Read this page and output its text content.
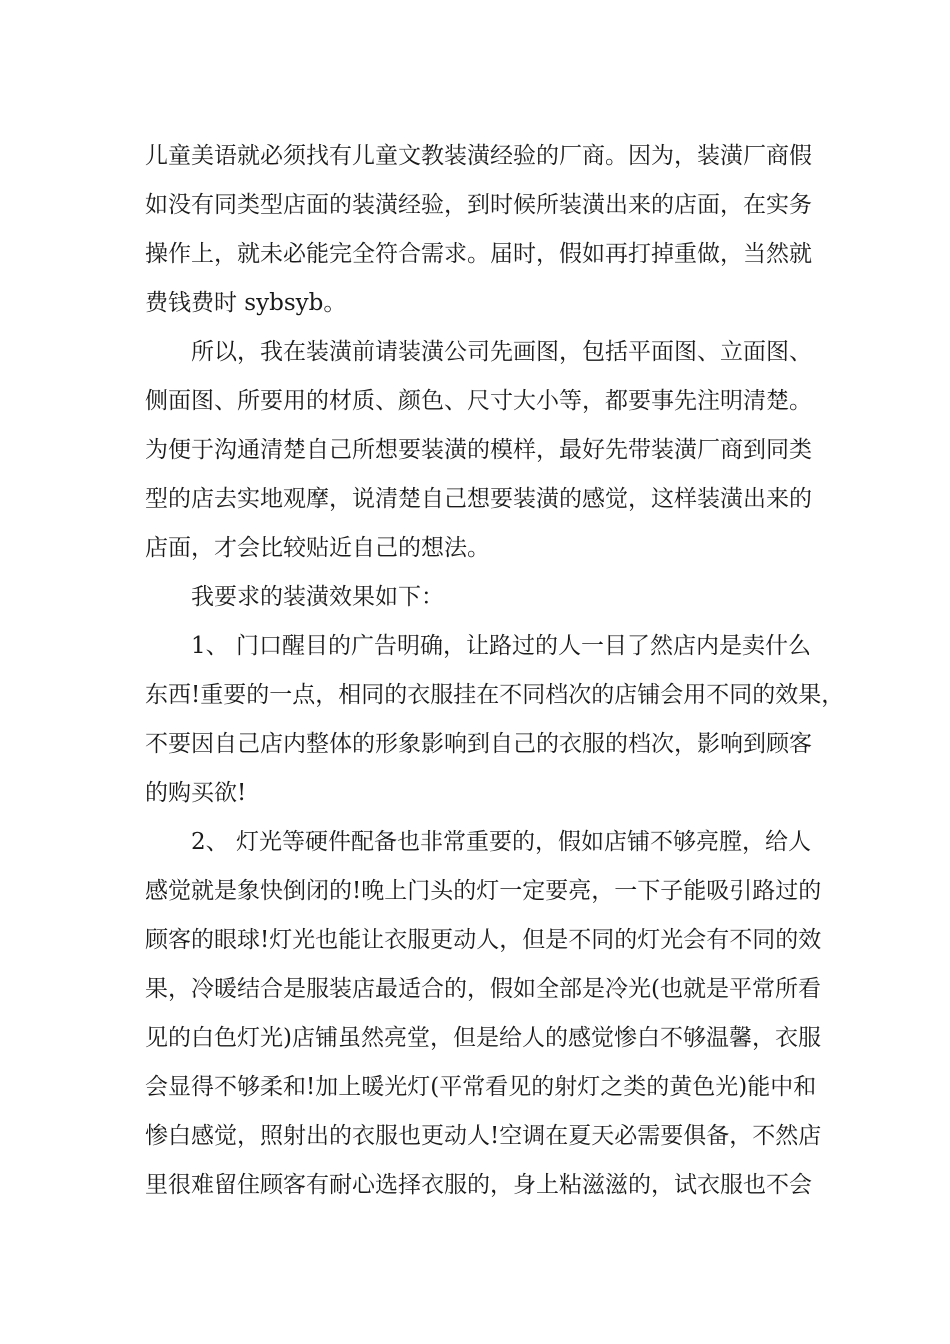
儿童美语就必须找有儿童文教装潢经验的厂商。因为，装潢厂商假
如没有同类型店面的装潢经验，到时候所装潢出来的店面，在实务
操作上，就未必能完全符合需求。届时，假如再打掉重做，当然就
费钱费时 sybsyb。
所以，我在装潢前请装潢公司先画图，包括平面图、立面图、
侧面图、所要用的材质、颜色、尺寸大小等，都要事先注明清楚。
为便于沟通清楚自己所想要装潢的模样，最好先带装潢厂商到同类
型的店去实地观摩，说清楚自己想要装潢的感觉，这样装潢出来的
店面，才会比较贴近自己的想法。
我要求的装潢效果如下：
1、 门口醒目的广告明确，让路过的人一目了然店内是卖什么
东西!重要的一点，相同的衣服挂在不同档次的店铺会用不同的效果，
不要因自己店内整体的形象影响到自己的衣服的档次，影响到顾客
的购买欲!
2、 灯光等硬件配备也非常重要的，假如店铺不够亮膛，给人
感觉就是象快倒闭的!晚上门头的灯一定要亮，一下子能吸引路过的
顾客的眼球!灯光也能让衣服更动人，但是不同的灯光会有不同的效
果，冷暖结合是服装店最适合的，假如全部是冷光(也就是平常所看
见的白色灯光)店铺虽然亮堂，但是给人的感觉惨白不够温馨，衣服
会显得不够柔和!加上暖光灯(平常看见的射灯之类的黄色光)能中和
惨白感觉，照射出的衣服也更动人!空调在夏天必需要俱备，不然店
里很难留住顾客有耐心选择衣服的，身上粘滋滋的，试衣服也不会
